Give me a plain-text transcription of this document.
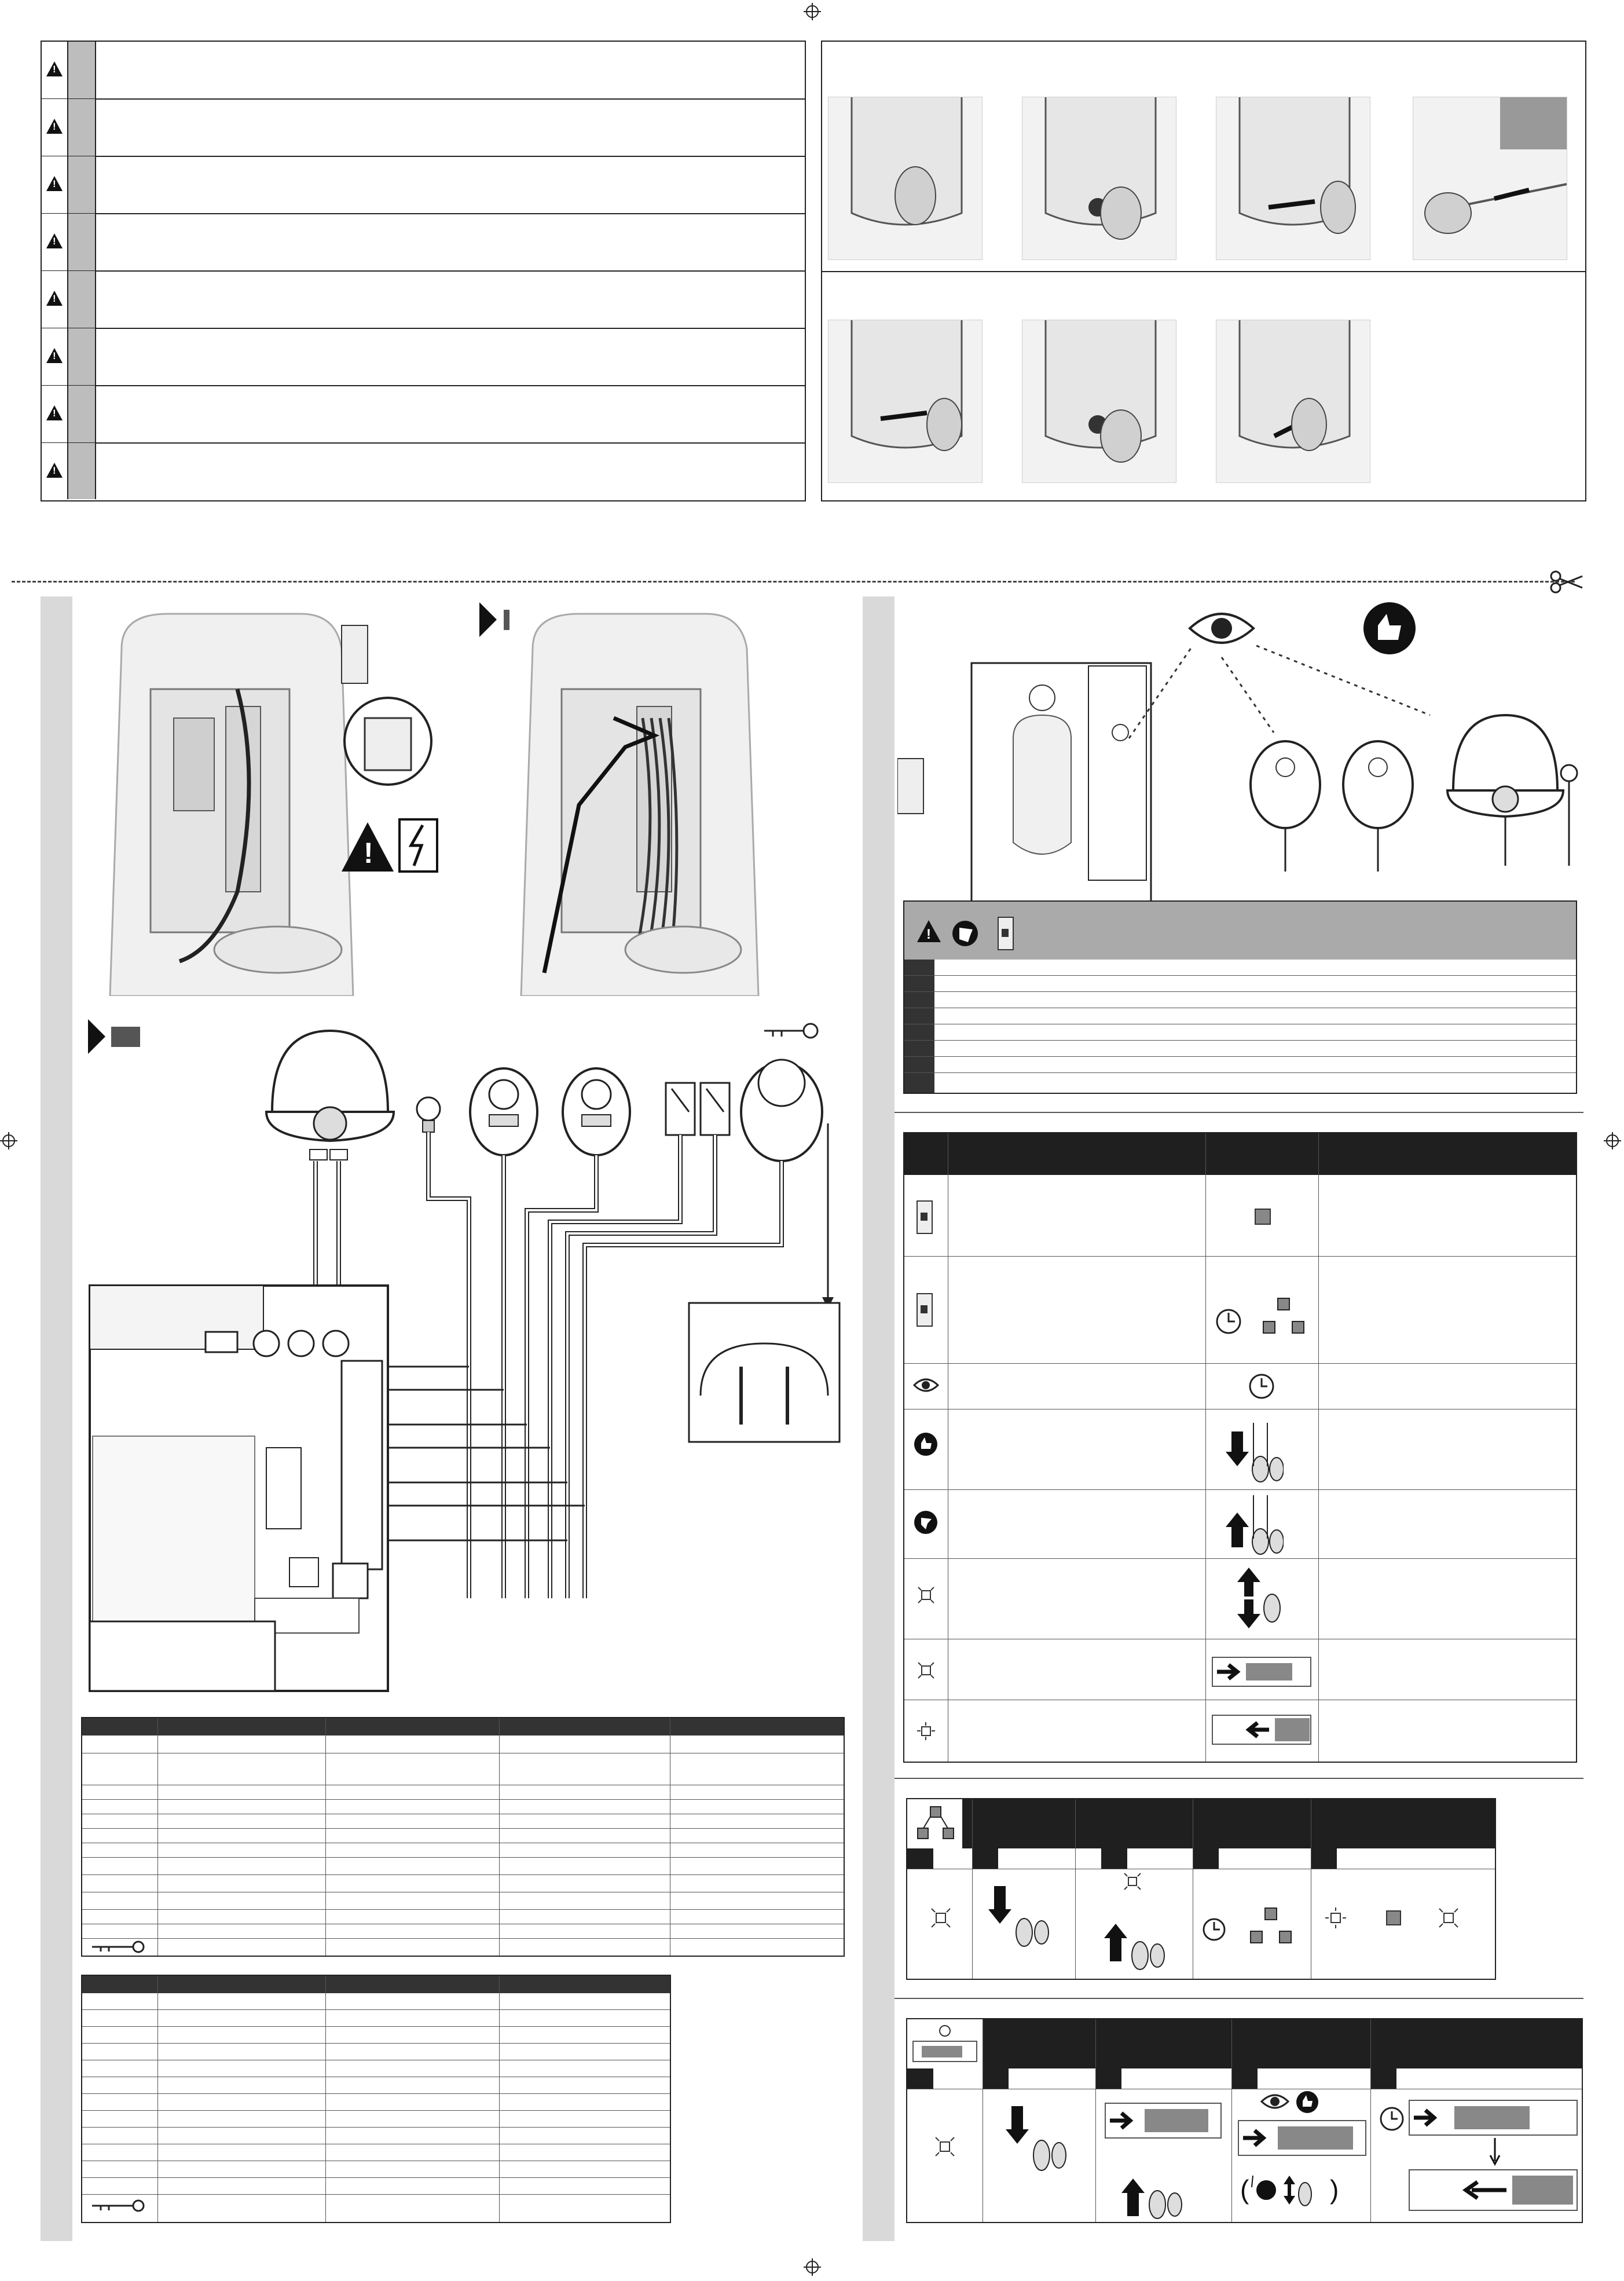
!
!
!
!
!
!
!
!
!
!
(	)
